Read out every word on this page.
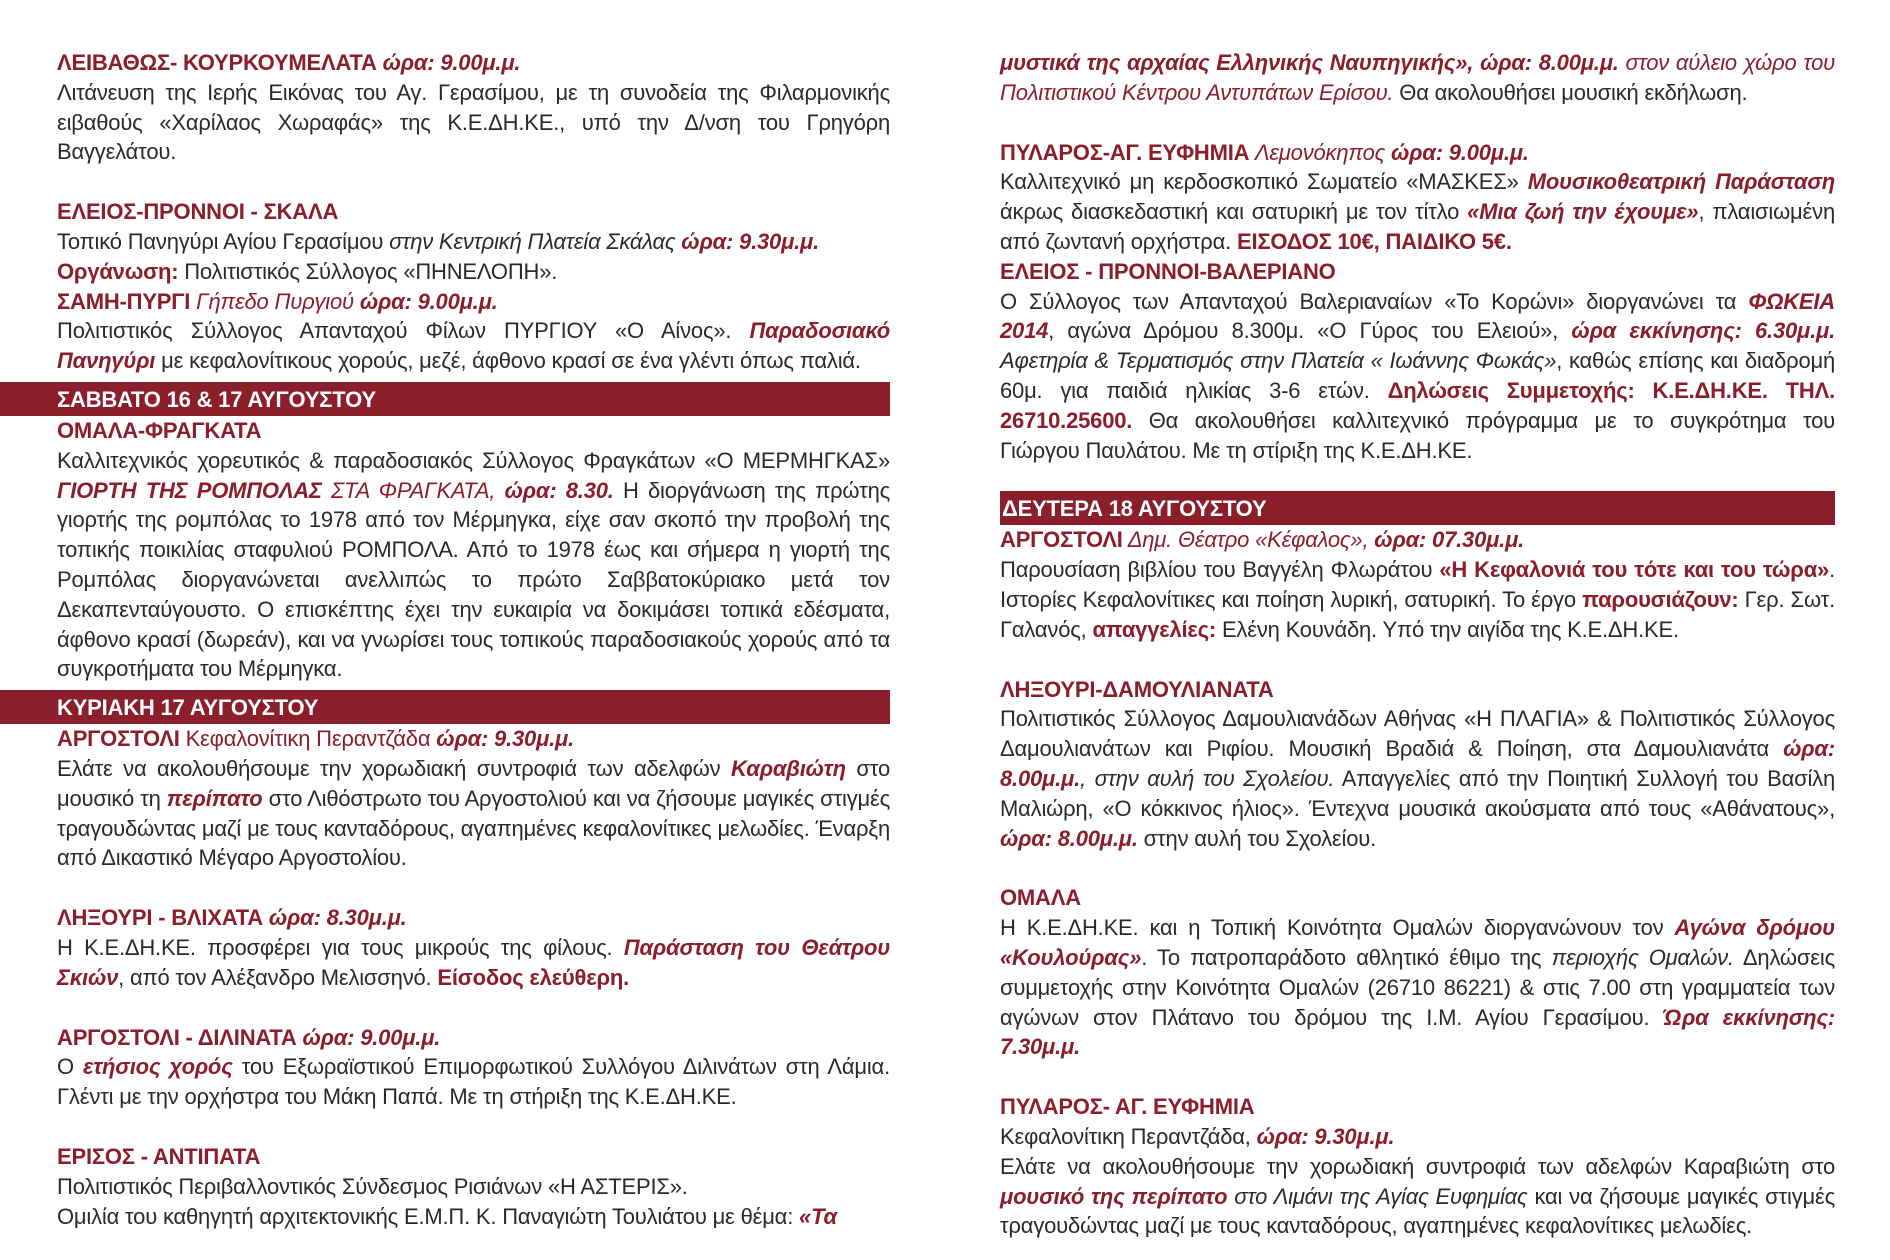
ΛΕΙΒΑΘΩΣ- ΚΟΥΡΚΟΥΜΕΛΑΤΑ ώρα: 9.00μ.μ.
Λιτάνευση της Ιερής Εικόνας του Αγ. Γερασίμου, με τη συνοδεία της Φιλαρμονικής ειβαθούς «Χαρίλαος Χωραφάς» της Κ.Ε.ΔΗ.ΚΕ., υπό την Δ/νση του Γρηγόρη Βαγγελάτου.

ΕΛΕΙΟΣ-ΠΡΟΝΝΟΙ - ΣΚΑΛΑ
Τοπικό Πανηγύρι Αγίου Γερασίμου στην Κεντρική Πλατεία Σκάλας ώρα: 9.30μ.μ.
Οργάνωση: Πολιτιστικός Σύλλογος «ΠΗΝΕΛΟΠΗ».

ΣΑΜΗ-ΠΥΡΓΙ Γήπεδο Πυργιού ώρα: 9.00μ.μ.
Πολιτιστικός Σύλλογος Απανταχού Φίλων ΠΥΡΓΙΟΥ «Ο Αίνος». Παραδοσιακό Πανηγύρι με κεφαλονίτικους χορούς, μεζέ, άφθονο κρασί σε ένα γλέντι όπως παλιά.

ΣΑΒΒΑΤΟ 16 & 17 ΑΥΓΟΥΣΤΟΥ

ΟΜΑΛΑ-ΦΡΑΓΚΑΤΑ
Καλλιτεχνικός χορευτικός & παραδοσιακός Σύλλογος Φραγκάτων «Ο ΜΕΡΜΗΓΚΑΣ» ΓΙΟΡΤΗ ΤΗΣ ΡΟΜΠΟΛΑΣ ΣΤΑ ΦΡΑΓΚΑΤΑ, ώρα: 8.30. Η διοργάνωση της πρώτης γιορτής της ρομπόλας το 1978 από τον Μέρμηγκα, είχε σαν σκοπό την προβολή της τοπικής ποικιλίας σταφυλιού ΡΟΜΠΟΛΑ. Από το 1978 έως και σήμερα η γιορτή της Ρομπόλας διοργανώνεται ανελλιπώς το πρώτο Σαββατοκύριακο μετά τον Δεκαπενταύγουστο. Ο επισκέπτης έχει την ευκαιρία να δοκιμάσει τοπικά εδέσματα, άφθονο κρασί (δωρεάν), και να γνωρίσει τους τοπικούς παραδοσιακούς χορούς από τα συγκροτήματα του Μέρμηγκα.

ΚΥΡΙΑΚΗ 17 ΑΥΓΟΥΣΤΟΥ

ΑΡΓΟΣΤΟΛΙ Κεφαλονίτικη Περαντζάδα ώρα: 9.30μ.μ.
Ελάτε να ακολουθήσουμε την χορωδιακή συντροφιά των αδελφών Καραβιώτη στο μουσικό τη περίπατο στο Λιθόστρωτο του Αργοστολιού και να ζήσουμε μαγικές στιγμές τραγουδώντας μαζί με τους κανταδόρους, αγαπημένες κεφαλονίτικες μελωδίες. Έναρξη από Δικαστικό Μέγαρο Αργοστολίου.

ΛΗΞΟΥΡΙ - ΒΛΙΧΑΤΑ ώρα: 8.30μ.μ.
Η Κ.Ε.ΔΗ.ΚΕ. προσφέρει για τους μικρούς της φίλους. Παράσταση του Θεάτρου Σκιών, από τον Αλέξανδρο Μελισσηνό. Είσοδος ελεύθερη.

ΑΡΓΟΣΤΟΛΙ - ΔΙΛΙΝΑΤΑ ώρα: 9.00μ.μ.
Ο ετήσιος χορός του Εξωραϊστικού Επιμορφωτικού Συλλόγου Διλινάτων στη Λάμια. Γλέντι με την ορχήστρα του Μάκη Παπά. Με τη στήριξη της Κ.Ε.ΔΗ.ΚΕ.

ΕΡΙΣΟΣ - ΑΝΤΙΠΑΤΑ
Πολιτιστικός Περιβαλλοντικός Σύνδεσμος Ρισιάνων «Η ΑΣΤΕΡΙΣ».
Ομιλία του καθηγητή αρχιτεκτονικής Ε.Μ.Π. Κ. Παναγιώτη Τουλιάτου με θέμα: «Τα

μυστικά της αρχαίας Ελληνικής Ναυπηγικής», ώρα: 8.00μ.μ. στον αύλειο χώρο του Πολιτιστικού Κέντρου Αντυπάτων Ερίσου. Θα ακολουθήσει μουσική εκδήλωση.

ΠΥΛΑΡΟΣ-ΑΓ. ΕΥΦΗΜΙΑ Λεμονόκηπος ώρα: 9.00μ.μ.
Καλλιτεχνικό μη κερδοσκοπικό Σωματείο «ΜΑΣΚΕΣ» Μουσικοθεατρική Παράσταση άκρως διασκεδαστική και σατυρική με τον τίτλο «Μια ζωή την έχουμε», πλαισιωμένη από ζωντανή ορχήστρα. ΕΙΣΟΔΟΣ 10€, ΠΑΙΔΙΚΟ 5€.

ΕΛΕΙΟΣ - ΠΡΟΝΝΟΙ-ΒΑΛΕΡΙΑΝΟ
Ο Σύλλογος των Απανταχού Βαλεριαναίων «Το Κορώνι» διοργανώνει τα ΦΩΚΕΙΑ 2014, αγώνα Δρόμου 8.300μ. «Ο Γύρος του Ελειού», ώρα εκκίνησης: 6.30μ.μ. Αφετηρία & Τερματισμός στην Πλατεία « Ιωάννης Φωκάς», καθώς επίσης και διαδρομή 60μ. για παιδιά ηλικίας 3-6 ετών. Δηλώσεις Συμμετοχής: Κ.Ε.ΔΗ.ΚΕ. ΤΗΛ. 26710.25600. Θα ακολουθήσει καλλιτεχνικό πρόγραμμα με το συγκρότημα του Γιώργου Παυλάτου. Με τη στίριξη της Κ.Ε.ΔΗ.ΚΕ.

ΔΕΥΤΕΡΑ 18 ΑΥΓΟΥΣΤΟΥ

ΑΡΓΟΣΤΟΛΙ Δημ. Θέατρο «Κέφαλος», ώρα: 07.30μ.μ.
Παρουσίαση βιβλίου του Βαγγέλη Φλωράτου «Η Κεφαλονιά του τότε και του τώρα». Ιστορίες Κεφαλονίτικες και ποίηση λυρική, σατυρική. Το έργο παρουσιάζουν: Γερ. Σωτ. Γαλανός, απαγγελίες: Ελένη Κουνάδη. Υπό την αιγίδα της Κ.Ε.ΔΗ.ΚΕ.

ΛΗΞΟΥΡΙ-ΔΑΜΟΥΛΙΑΝΑΤΑ
Πολιτιστικός Σύλλογος Δαμουλιανάδων Αθήνας «Η ΠΛΑΓΙΑ» & Πολιτιστικός Σύλλογος Δαμουλιανάτων και Ριφίου. Μουσική Βραδιά & Ποίηση, στα Δαμουλιανάτα ώρα: 8.00μ.μ., στην αυλή του Σχολείου. Απαγγελίες από την Ποιητική Συλλογή του Βασίλη Μαλιώρη, «Ο κόκκινος ήλιος». Έντεχνα μουσικά ακούσματα από τους «Αθάνατους», ώρα: 8.00μ.μ. στην αυλή του Σχολείου.

ΟΜΑΛΑ
Η Κ.Ε.ΔΗ.ΚΕ. και η Τοπική Κοινότητα Ομαλών διοργανώνουν τον Αγώνα δρόμου «Κουλούρας». Το πατροπαράδοτο αθλητικό έθιμο της περιοχής Ομαλών. Δηλώσεις συμμετοχής στην Κοινότητα Ομαλών (26710 86221) & στις 7.00 στη γραμματεία των αγώνων στον Πλάτανο του δρόμου της Ι.Μ. Αγίου Γερασίμου. Ώρα εκκίνησης: 7.30μ.μ.

ΠΥΛΑΡΟΣ- ΑΓ. ΕΥΦΗΜΙΑ
Κεφαλονίτικη Περαντζάδα, ώρα: 9.30μ.μ.
Ελάτε να ακολουθήσουμε την χορωδιακή συντροφιά των αδελφών Καραβιώτη στο μουσικό της περίπατο στο Λιμάνι της Αγίας Ευφημίας και να ζήσουμε μαγικές στιγμές τραγουδώντας μαζί με τους κανταδόρους, αγαπημένες κεφαλονίτικες μελωδίες.
